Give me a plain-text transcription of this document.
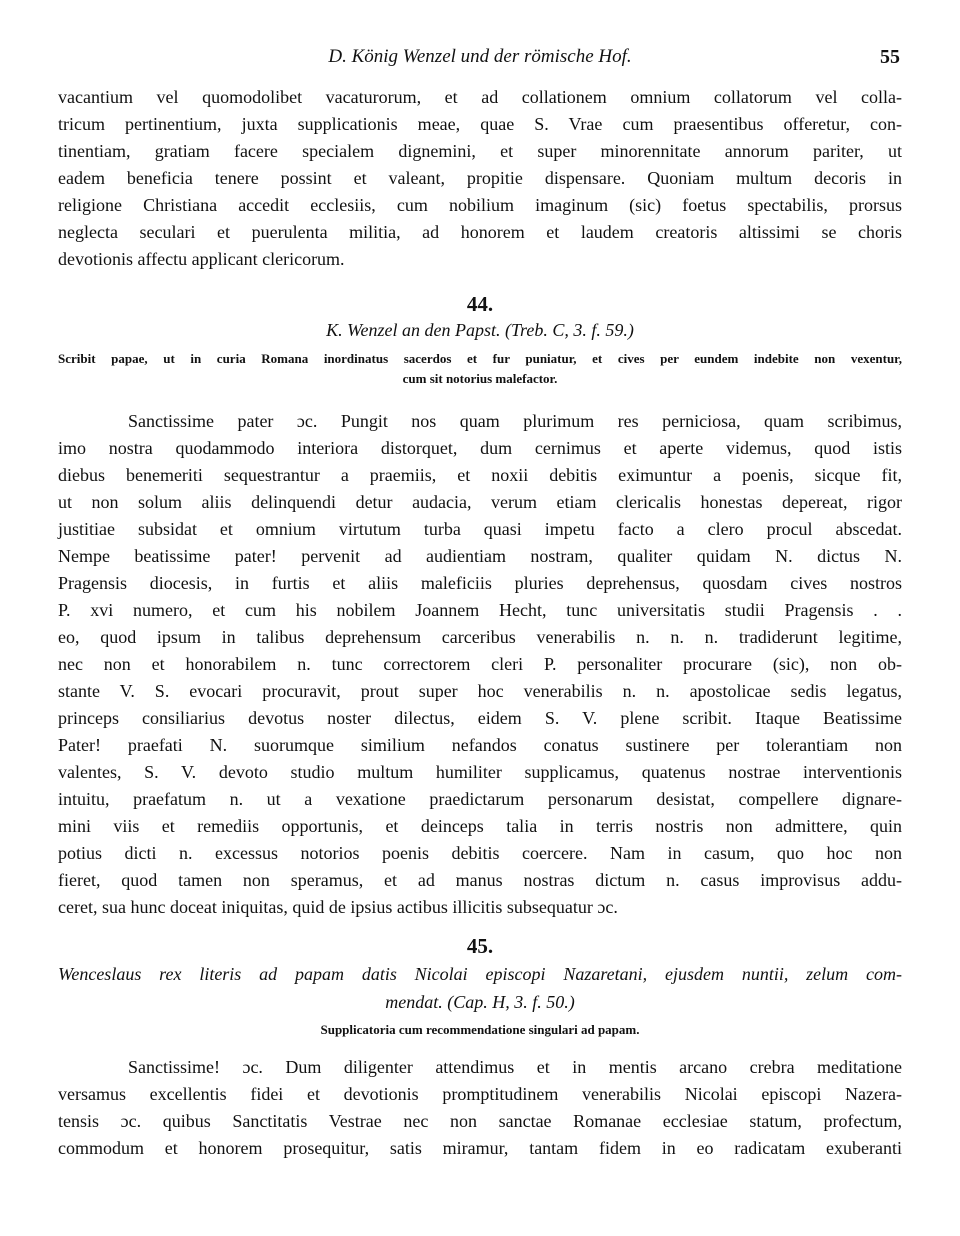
D. König Wenzel und der römische Hof.	55
vacantium vel quomodolibet vacaturorum, et ad collationem omnium collatorum vel colla-
tricum pertinentium, juxta supplicationis meae, quae S. Vrae cum praesentibus offeretur, con-
tinentiam, gratiam facere specialem dignemini, et super minorennitate annorum pariter, ut
eadem beneficia tenere possint et valeant, propitie dispensare. Quoniam multum decoris in
religione Christiana accedit ecclesiis, cum nobilium imaginum (sic) foetus spectabilis, prorsus
neglecta seculari et puerulenta militia, ad honorem et laudem creatoris altissimi se choris
devotionis affectu applicant clericorum.
44.
K. Wenzel an den Papst. (Treb. C, 3. f. 59.)
Scribit papae, ut in curia Romana inordinatus sacerdos et fur puniatur, et cives per eundem indebite non vexentur,
cum sit notorius malefactor.
Sanctissime pater ɔc. Pungit nos quam plurimum res perniciosa, quam scribimus,
imo nostra quodammodo interiora distorquet, dum cernimus et aperte videmus, quod istis
diebus benemeriti sequestrantur a praemiis, et noxii debitis eximuntur a poenis, sicque fit,
ut non solum aliis delinquendi detur audacia, verum etiam clericalis honestas depereat, rigor
justitiae subsidat et omnium virtutum turba quasi impetu facto a clero procul abscedat.
Nempe beatissime pater! pervenit ad audientiam nostram, qualiter quidam N. dictus N.
Pragensis diocesis, in furtis et aliis maleficiis pluries deprehensus, quosdam cives nostros
P. xvi numero, et cum his nobilem Joannem Hecht, tunc universitatis studii Pragensis . .
eo, quod ipsum in talibus deprehensum carceribus venerabilis n. n. n. tradiderunt legitime,
nec non et honorabilem n. tunc correctorem cleri P. personaliter procurare (sic), non ob-
stante V. S. evocari procuravit, prout super hoc venerabilis n. n. apostolicae sedis legatus,
princeps consiliarius devotus noster dilectus, eidem S. V. plene scribit. Itaque Beatissime
Pater! praefati N. suorumque similium nefandos conatus sustinere per tolerantiam non
valentes, S. V. devoto studio multum humiliter supplicamus, quatenus nostrae interventionis
intuitu, praefatum n. ut a vexatione praedictarum personarum desistat, compellere dignare-
mini viis et remediis opportunis, et deinceps talia in terris nostris non admittere, quin
potius dicti n. excessus notorios poenis debitis coercere. Nam in casum, quo hoc non
fieret, quod tamen non speramus, et ad manus nostras dictum n. casus improvisus addu-
ceret, sua hunc doceat iniquitas, quid de ipsius actibus illicitis subsequatur ɔc.
45.
Wenceslaus rex literis ad papam datis Nicolai episcopi Nazaretani, ejusdem nuntii, zelum com-
mendat. (Cap. H, 3. f. 50.)
Supplicatoria cum recommendatione singulari ad papam.
Sanctissime! ɔc. Dum diligenter attendimus et in mentis arcano crebra meditatione
versamus excellentis fidei et devotionis promptitudinem venerabilis Nicolai episcopi Nazera-
tensis ɔc. quibus Sanctitatis Vestrae nec non sanctae Romanae ecclesiae statum, profectum,
commodum et honorem prosequitur, satis miramur, tantam fidem in eo radicatam exuberanti
